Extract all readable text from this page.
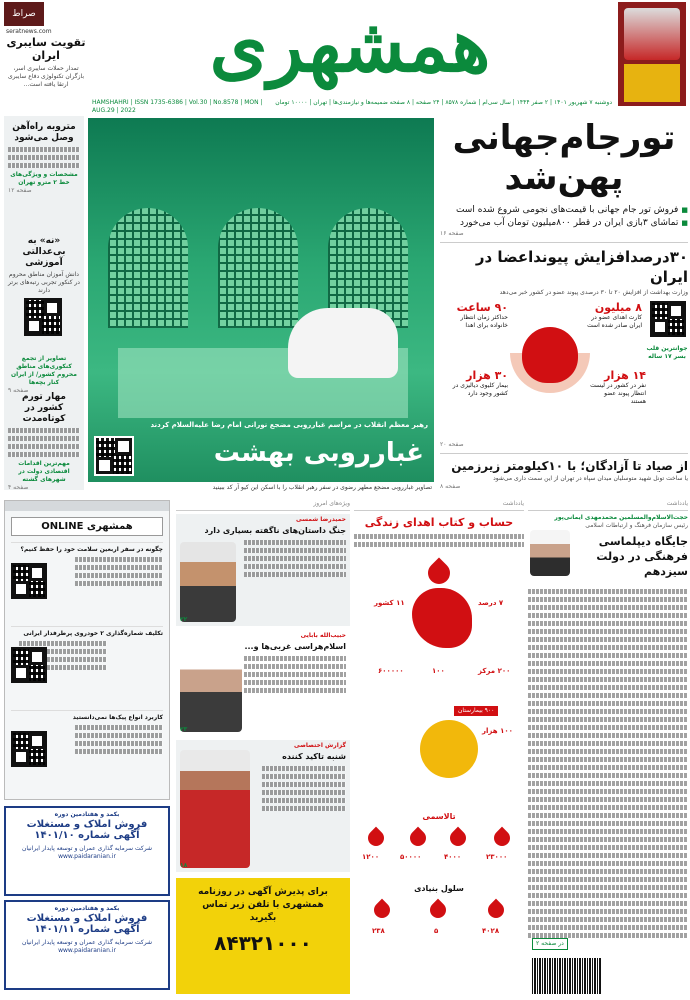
صراط
seratnews.com
تقویت سایبری ایران
تمدار حملات سایبری اسر، بازگران تکنولوژی دفاع سایبری ارتقا یافته است...	همشهری
دوشنبه ۷ شهریور ۱۴۰۱ | ۲ صفر ۱۴۴۴ | سال سی‌ام | شماره ۸۵۷۸ | ۲۴ صفحه | ۸ صفحه ضمیمه‌ها و نیازمندی‌ها | تهران | ۱۰۰۰۰ تومان
HAMSHAHRI | ISSN 1735-6386 | Vol.30 | No.8578 | MON | AUG.29 | 2022
متروبه راه‌آهن وصل می‌شود
مشخصات و ویژگی‌های خط ۲ مترو تهران
صفحه ۱۲
«نه» به بی‌عدالتی آموزشی
دانش آموزان مناطق محروم در کنکور تجربی رتبه‌های برتر دارند
تصاویر از تجمع کنکوری‌های مناطق محروم کشور/ از ایران کنار بچه‌ها
صفحه ۹
مهار تورم کشور در کوتاه‌مدت
مهم‌ترین اقدامات اقتصادی دولت در شهرهای گشته
صفحه ۴
رهبر معظم انقلاب در مراسم غبارروبی مضجع نورانی امام رضا علیه‌السلام کردند
غبارروبی بهشت
تصاویر غبارروبی مضجع مطهر رضوی در سفر رهبر انقلاب را با اسکن این کیو آر کد ببینید
تورجام‌جهانی
پهن‌شد
■ فروش تور جام جهانی با قیمت‌های نجومی شروع شده است
■ تماشای ۳بازی ایران در قطر ۸۰۰میلیون تومان آب می‌خورد
صفحه ۱۶
۳۰درصدافزایش پیونداعضا در ایران
وزارت بهداشت از افزایش ۲۰ تا ۳۰ درصدی پیوند عضو در کشور خبر می‌دهد
۸ میلیون
کارت اهدای عضو در ایران صادر شده است
۹۰ ساعت
حداکثر زمان انتظار خانواده برای اهدا
۱۴ هزار
نفر در کشور در لیست انتظار پیوند عضو هستند
۳۰ هزار
بیمار کلیوی دیالیزی در کشور وجود دارد
جوانترین قلب بسر ۱۷ ساله
صفحه ۲۰
از صیاد تا آزادگان؛ با ۱۰کیلومتر زیرزمین
یا ساخت تونل شهید متوسلیان میدان سپاه در تهران از این سمت داری می‌شود
صفحه ۸
یادداشت
حجت‌الاسلام‌والمسلمین محمدمهدی ایمانی‌پور
رئیس سازمان فرهنگ و ارتباطات اسلامی
جایگاه دیپلماسی فرهنگی در دولت سیزدهم
در صفحه ۲
یادداشت
حساب و کتاب اهدای زندگی
۷ درصد
۱۱ کشور
۲۰۰ مرکز
۱۰۰
۶۰۰۰۰۰
۹۰۰ بیمارستان
۱۰۰ هزار
تالاسمی
۲۳۰۰۰
۴۰۰۰
۵۰۰۰۰
۱۲۰۰
سلول بنیادی
۴۰۲۸
۵
۲۳۸
ویژه‌های امروز
حمیدرضا شمسی
جنگ داستان‌های ناگفته بسیاری دارد
۲۲
حبیب‌الله بابایی
اسلام‌هراسی غربی‌ها و...
۲۳
گزارش اختصاصی
شنبه تاکید کننده
۱۸
برای پذیرش آگهی در روزنامه همشهری با تلفن زیر تماس بگیرید
۸۴۳۲۱۰۰۰
همشهری ONLINE
چگونه در سفر اربعین سلامت خود را حفظ کنیم؟
تکلیف شماره‌گذاری ۲ خودروی پرطرفدار ایرانی
کاربرد انواع پیک‌ها نمی‌دانستید
بکمد و هفتادمین دوره
فروش املاک و مستغلات
آگهی شماره ۱۴۰۱/۱۰
شرکت سرمایه گذاری عمران و توسعه پایدار ایرانیان
www.paidaranian.ir
بکمد و هفتادمین دوره
فروش املاک و مستغلات
آگهی شماره ۱۴۰۱/۱۱
شرکت سرمایه گذاری عمران و توسعه پایدار ایرانیان
www.paidaranian.ir
